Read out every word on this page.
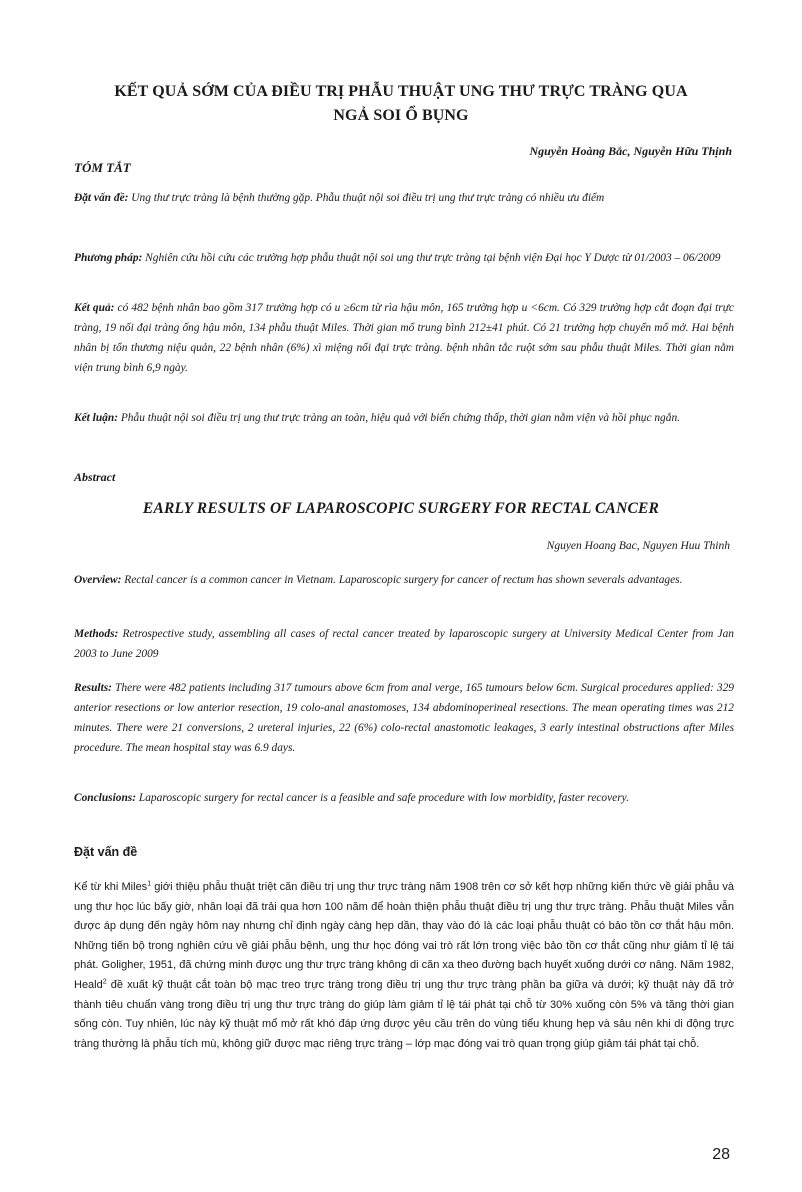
KẾT QUẢ SỚM CỦA ĐIỀU TRỊ PHẪU THUẬT UNG THƯ TRỰC TRÀNG QUA
NGẢ SOI Ổ BỤNG
Nguyễn Hoàng Bắc, Nguyễn Hữu Thịnh
TÓM TẮT
Đặt vấn đề: Ung thư trực tràng là bệnh thường gặp. Phẫu thuật nội soi điều trị ung thư trực tràng có nhiều ưu điểm
Phương pháp: Nghiên cứu hồi cứu các trường hợp phẫu thuật nội soi ung thư trực tràng tại bệnh viện Đại học Y Dược từ 01/2003 – 06/2009
Kết quả: có 482 bệnh nhân bao gồm 317 trường hợp có u ≥6cm từ rìa hậu môn, 165 trường hợp u <6cm. Có 329 trường hợp cắt đoạn đại trực tràng, 19 nối đại tràng ống hậu môn, 134 phẫu thuật Miles. Thời gian mổ trung bình 212±41 phút. Có 21 trường hợp chuyển mổ mở. Hai bệnh nhân bị tổn thương niệu quản, 22 bệnh nhân (6%) xì miệng nối đại trực tràng. bệnh nhân tắc ruột sớm sau phẫu thuật Miles. Thời gian nằm viện trung bình 6,9 ngày.
Kết luận: Phẫu thuật nội soi điều trị ung thư trực tràng an toàn, hiệu quả với biến chứng thấp, thời gian nằm viện và hồi phục ngắn.
Abstract
EARLY RESULTS OF LAPAROSCOPIC SURGERY FOR RECTAL CANCER
Nguyen Hoang Bac, Nguyen Huu Thinh
Overview: Rectal cancer is a common cancer in Vietnam. Laparoscopic surgery for cancer of rectum has shown severals advantages.
Methods: Retrospective study, assembling all cases of rectal cancer treated by laparoscopic surgery at University Medical Center from Jan 2003 to June 2009
Results: There were 482 patients including 317 tumours above 6cm from anal verge, 165 tumours below 6cm. Surgical procedures applied: 329 anterior resections or low anterior resection, 19 colo-anal anastomoses, 134 abdominoperineal resections. The mean operating times was 212 minutes. There were 21 conversions, 2 ureteral injuries, 22 (6%) colo-rectal anastomotic leakages, 3 early intestinal obstructions after Miles procedure. The mean hospital stay was 6.9 days.
Conclusions: Laparoscopic surgery for rectal cancer is a feasible and safe procedure with low morbidity, faster recovery.
Đặt vấn đề
Kể từ khi Miles$^1$ giới thiệu phẫu thuật triệt căn điều trị ung thư trực tràng năm 1908 trên cơ sở kết hợp những kiến thức về giải phẫu và ung thư học lúc bấy giờ, nhân loại đã trải qua hơn 100 năm để hoàn thiện phẫu thuật điều trị ung thư trực tràng. Phẫu thuật Miles vẫn được áp dụng đến ngày hôm nay nhưng chỉ định ngày càng hẹp dần, thay vào đó là các loại phẫu thuật có bảo tồn cơ thắt hậu môn. Những tiến bộ trong nghiên cứu về giải phẫu bệnh, ung thư học đóng vai trò rất lớn trong việc bảo tồn cơ thắt cũng như giảm tỉ lệ tái phát. Goligher, 1951, đã chứng minh được ung thư trực tràng không di căn xa theo đường bạch huyết xuống dưới cơ nâng. Năm 1982, Heald$^2$ đề xuất kỹ thuật cắt toàn bộ mạc treo trực tràng trong điều trị ung thư trực tràng phần ba giữa và dưới; kỹ thuật này đã trở thành tiêu chuẩn vàng trong điều trị ung thư trực tràng do giúp làm giảm tỉ lệ tái phát tại chỗ từ 30% xuống còn 5% và tăng thời gian sống còn. Tuy nhiên, lúc này kỹ thuật mổ mở rất khó đáp ứng được yêu cầu trên do vùng tiểu khung hẹp và sâu nên khi di động trực tràng thường là phẫu tích mù, không giữ được mạc riêng trực tràng – lớp mạc đóng vai trò quan trọng giúp giảm tái phát tại chỗ.
28
